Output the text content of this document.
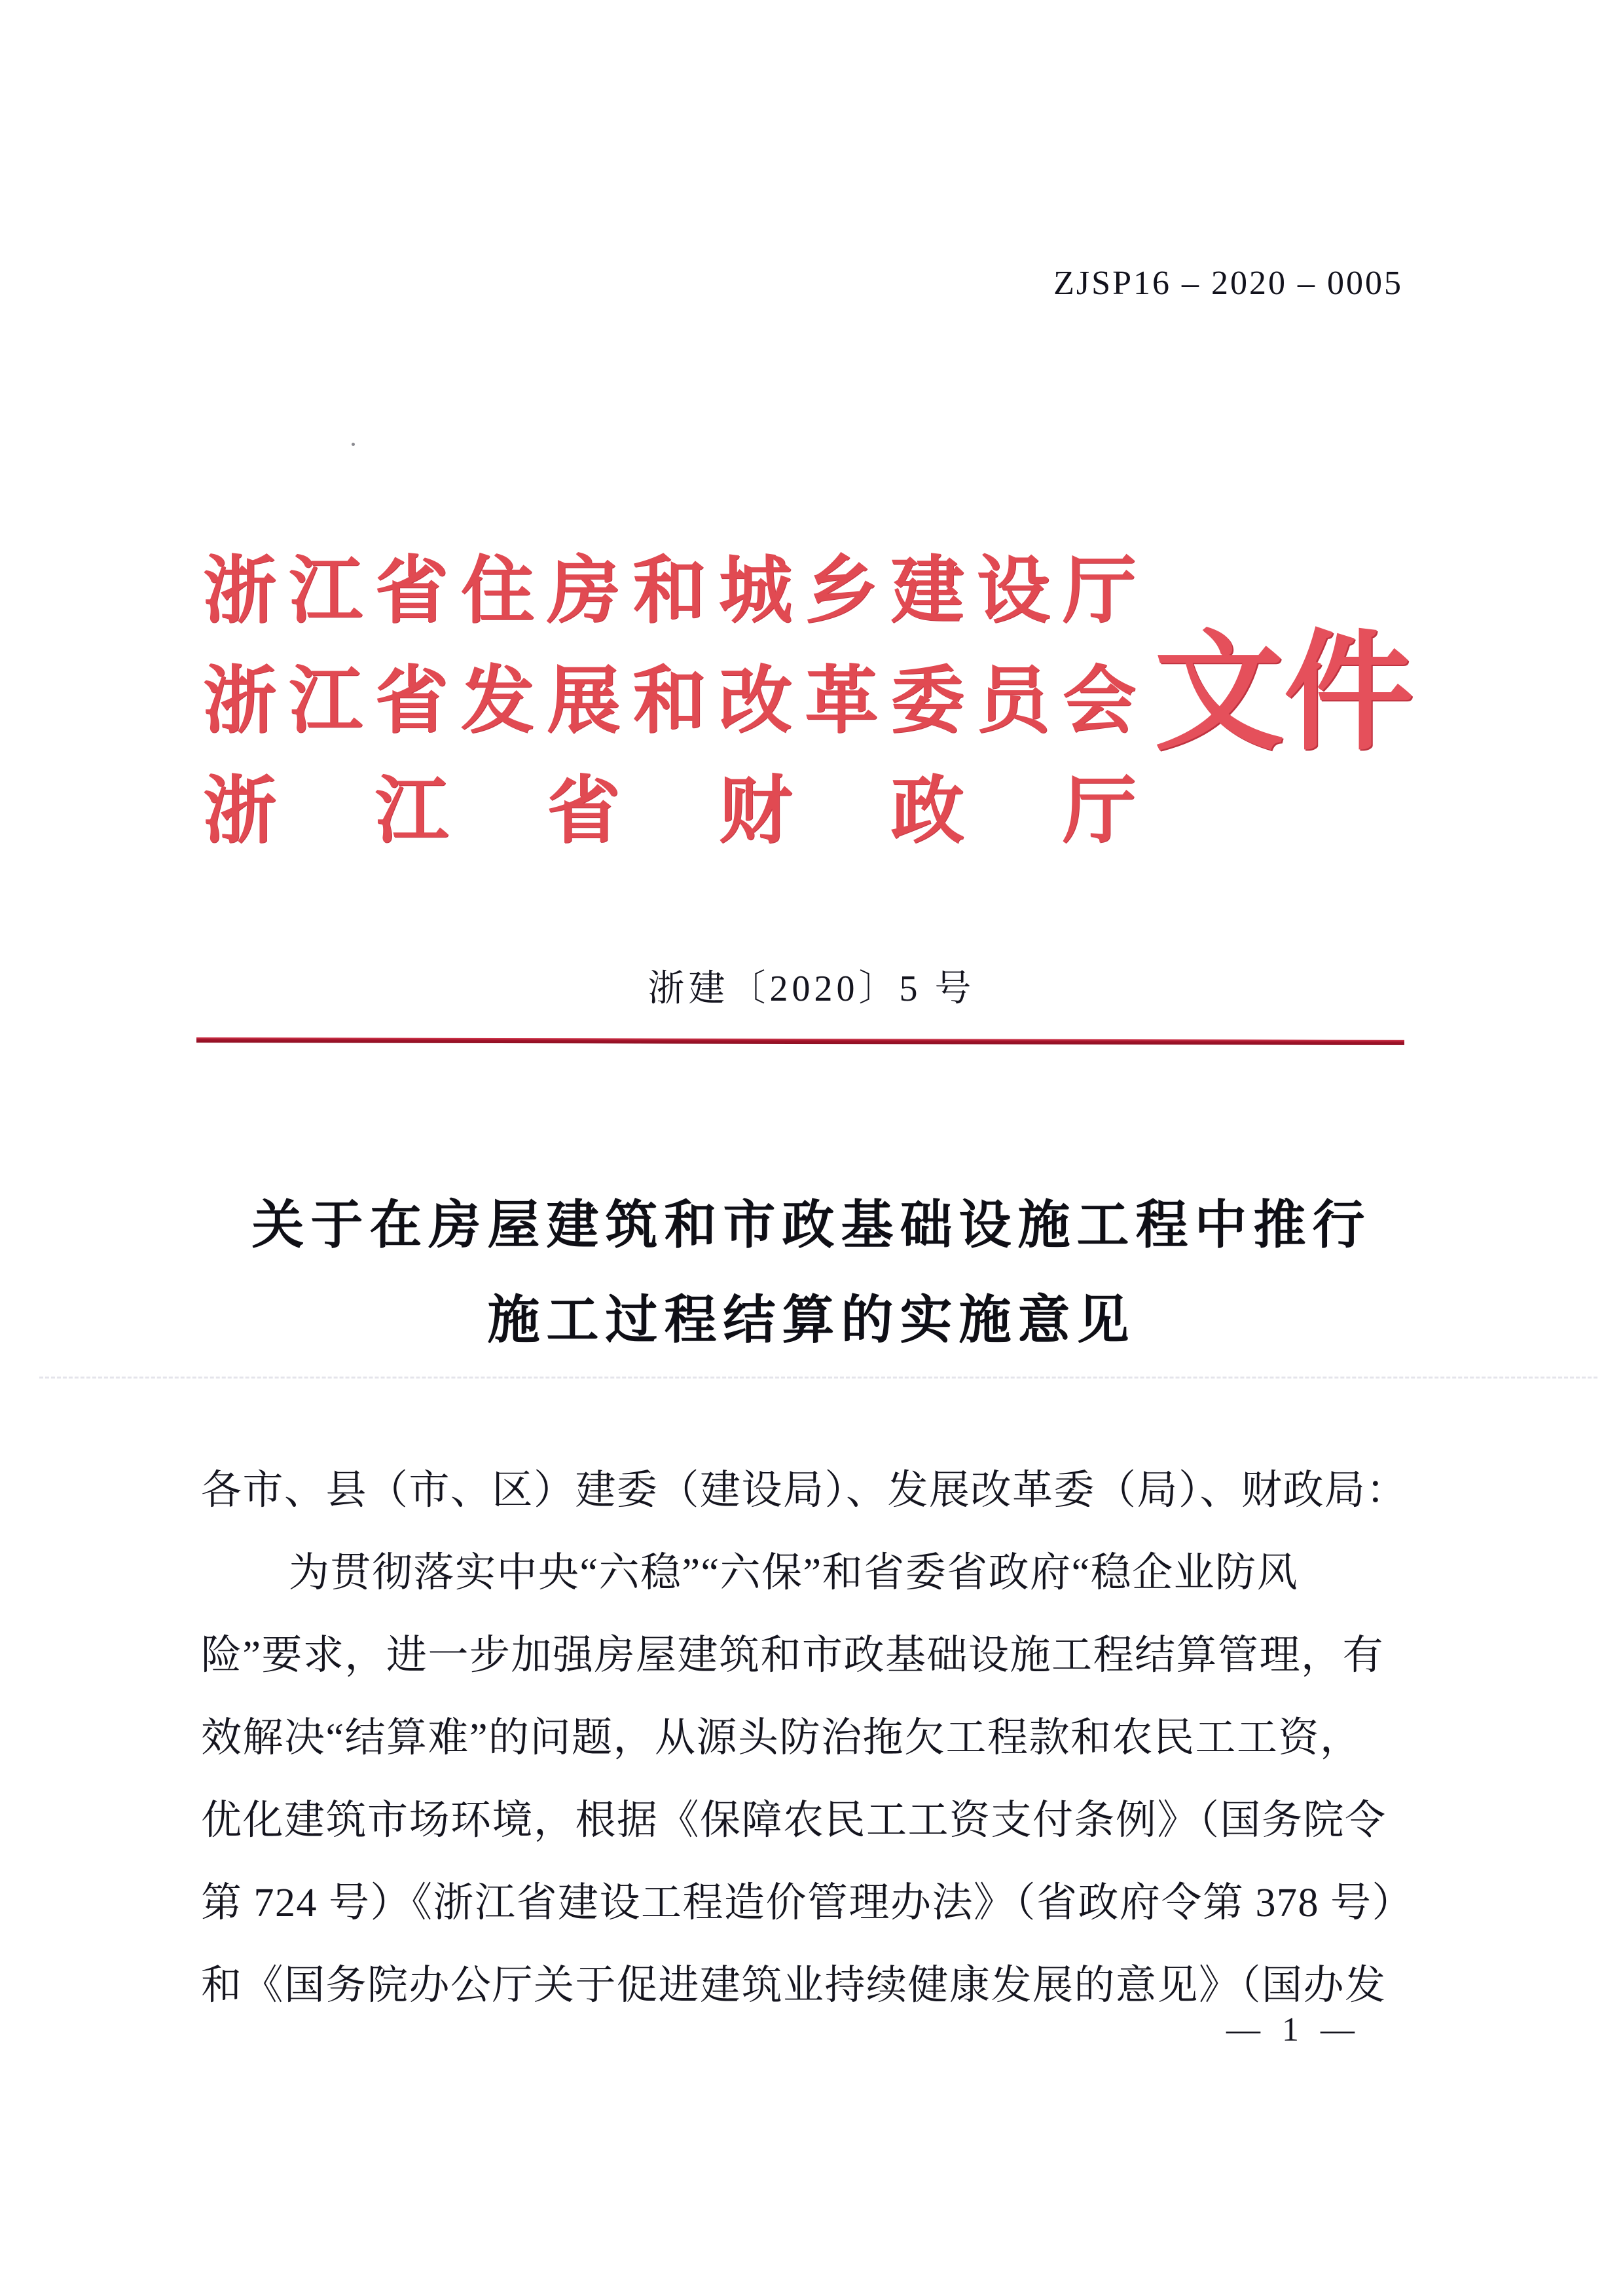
ZJSP16 – 2020 – 0005
浙 江 省 住 房 和 城 乡 建 设 厅
浙 江 省 发 展 和 改 革 委 员 会
浙 江 省 财 政 厅
文 件
浙建〔2020〕5 号
关于在房屋建筑和市政基础设施工程中推行
施工过程结算的实施意见
各市、县（市、区）建委（建设局）、发展改革委（局）、财政局：
为贯彻落实中央“六稳”“六保”和省委省政府“稳企业防风
险”要求，进一步加强房屋建筑和市政基础设施工程结算管理，有
效解决“结算难”的问题，从源头防治拖欠工程款和农民工工资，
优化建筑市场环境，根据《保障农民工工资支付条例》（国务院令
第 724 号）《浙江省建设工程造价管理办法》（省政府令第 378 号）
和《国务院办公厅关于促进建筑业持续健康发展的意见》（国办发
— 1 —
